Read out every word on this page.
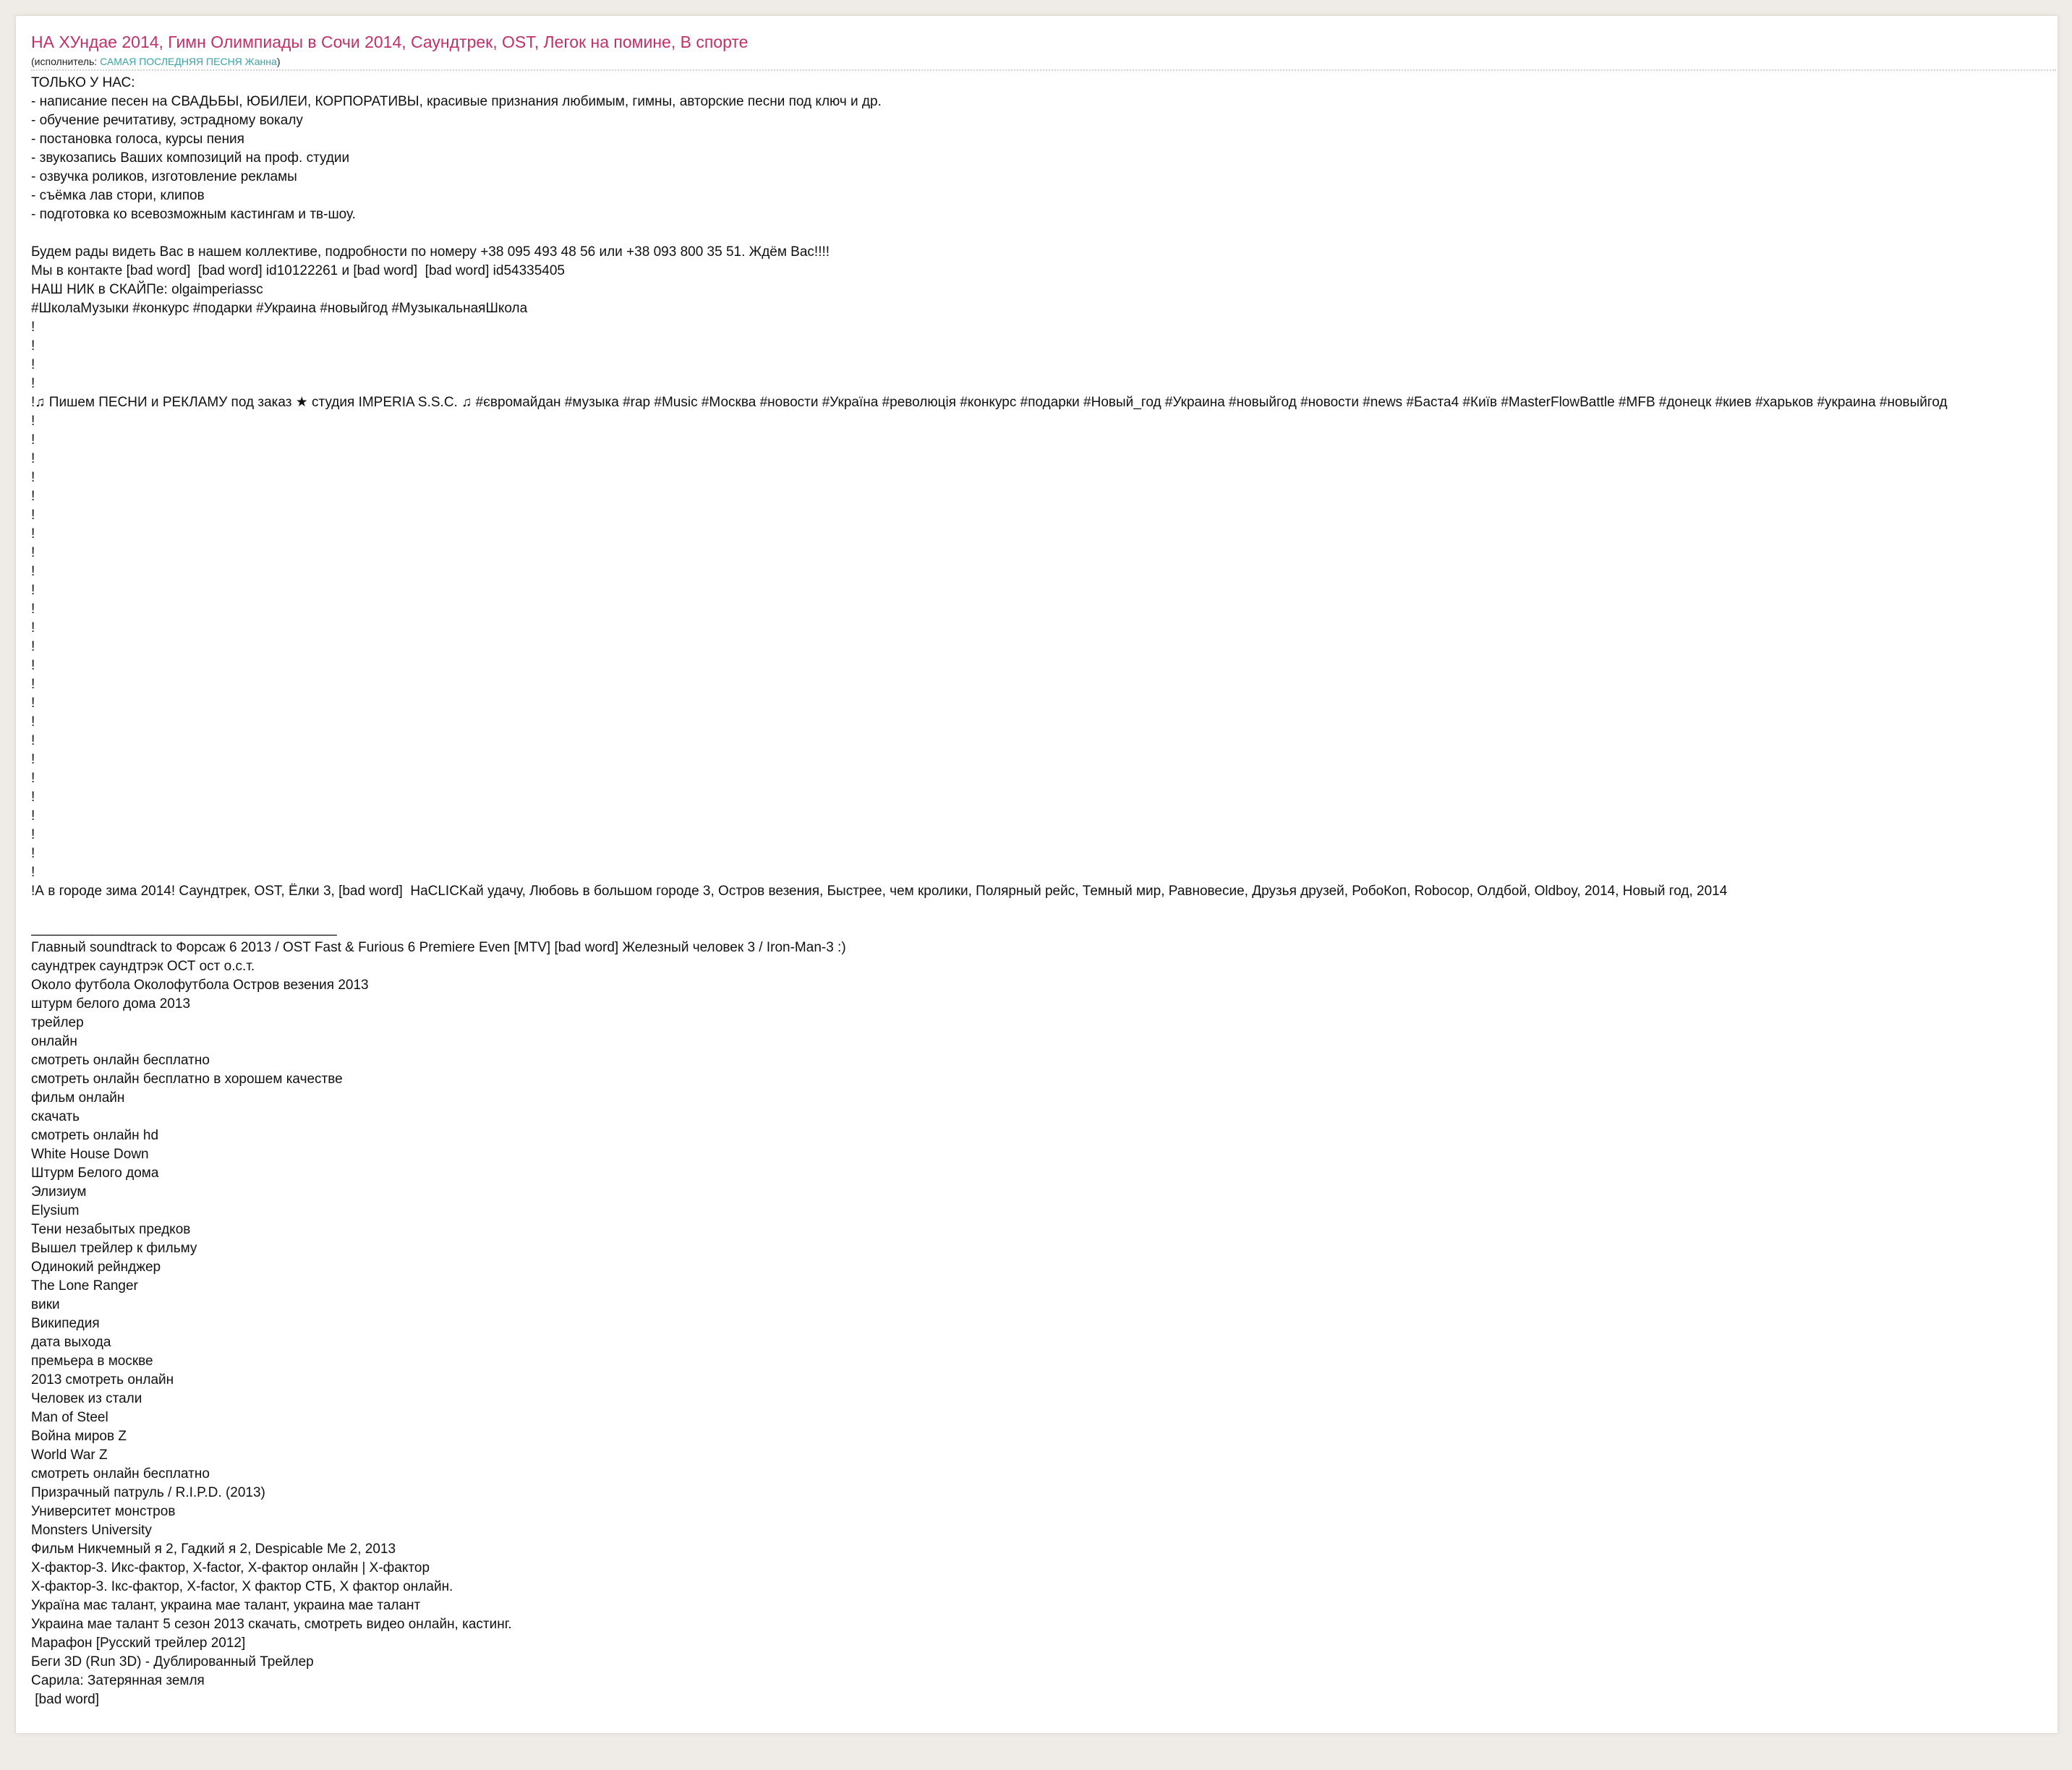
НА ХУндае 2014, Гимн Олимпиады в Сочи 2014, Саундтрек, OST, Легок на помине, В спорте
(исполнитель: САМАЯ ПОСЛЕДНЯЯ ПЕСНЯ Жанна)
ТОЛЬКО У НАС:
- написание песен на СВАДЬБЫ, ЮБИЛЕИ, КОРПОРАТИВЫ, красивые признания любимым, гимны, авторские песни под ключ и др.
- обучение речитативу, эстрадному вокалу
- постановка голоса, курсы пения
- звукозапись Ваших композиций на проф. студии
- озвучка роликов, изготовление рекламы
- съёмка лав стори, клипов
- подготовка ко всевозможным кастингам и тв-шоу.

Будем рады видеть Вас в нашем коллективе, подробности по номеру +38 095 493 48 56 или +38 093 800 35 51. Ждём Вас!!!!
Мы в контакте [bad word]  [bad word] id10122261 и [bad word]  [bad word] id54335405
НАШ НИК в СКАЙПе: olgaimperiassc
#ШколаМузыки #конкурс #подарки #Украина #новыйгод #МузыкальнаяШкола
!
!
!
!
!♫ Пишем ПЕСНИ и РЕКЛАМУ под заказ ★ студия IMPERIA S.S.C. ♫ #євромайдан #музыка #rap #Music #Москва #новости #Україна #революція #конкурс #подарки #Новый_год #Украина #новыйгод #новости #news #Баста4 #Київ #MasterFlowBattle #MFB #донецк #киев #харьков #украина #новыйгод
!
!
!
!
!
!
!
!
!
!
!
!
!
!
!
!
!
!
!
!
!
!
!
!
!
!А в городе зима 2014! Саундтрек, OST, Ёлки 3, [bad word]  HaCLICKай удачу, Любовь в большом городе 3, Остров везения, Быстрее, чем кролики, Полярный рейс, Темный мир, Равновесие, Друзья друзей, РобоКоп, Robocop, Олдбой, Oldboy, 2014, Новый год, 2014

________________________________________
Главный soundtrack to Форсаж 6 2013 / OST Fast & Furious 6 Premiere Even [MTV] [bad word] Железный человек 3 / Iron-Man-3 :)
саундтрек саундтрэк ОСТ ост о.с.т.
Около футбола Околофутбола Остров везения 2013
штурм белого дома 2013
трейлер
онлайн
смотреть онлайн бесплатно
смотреть онлайн бесплатно в хорошем качестве
фильм онлайн
скачать
смотреть онлайн hd
White House Down
Штурм Белого дома
Элизиум
Elysium
Тени незабытых предков
Вышел трейлер к фильму
Одинокий рейнджер
The Lone Ranger
вики
Википедия
дата выхода
премьера в москве
2013 смотреть онлайн
Человек из стали
Man of Steel
Война миров Z
World War Z
смотреть онлайн бесплатно
Призрачный патруль / R.I.P.D. (2013)
Университет монстров
Monsters University
Фильм Никчемный я 2, Гадкий я 2, Despicable Me 2, 2013
X-фактор-3. Икс-фактор, X-factor, X-фактор онлайн | X-фактор
X-фактор-3. Ікс-фактор, X-factor, X фактор СТБ, X фактор онлайн.
Україна має талант, украина мае талант, украина мае талант
Украина мае талант 5 сезон 2013 скачать, смотреть видео онлайн, кастинг.
Марафон [Русский трейлер 2012]
Беги 3D (Run 3D) - Дублированный Трейлер
Сарила: Затерянная земля
[bad word]
